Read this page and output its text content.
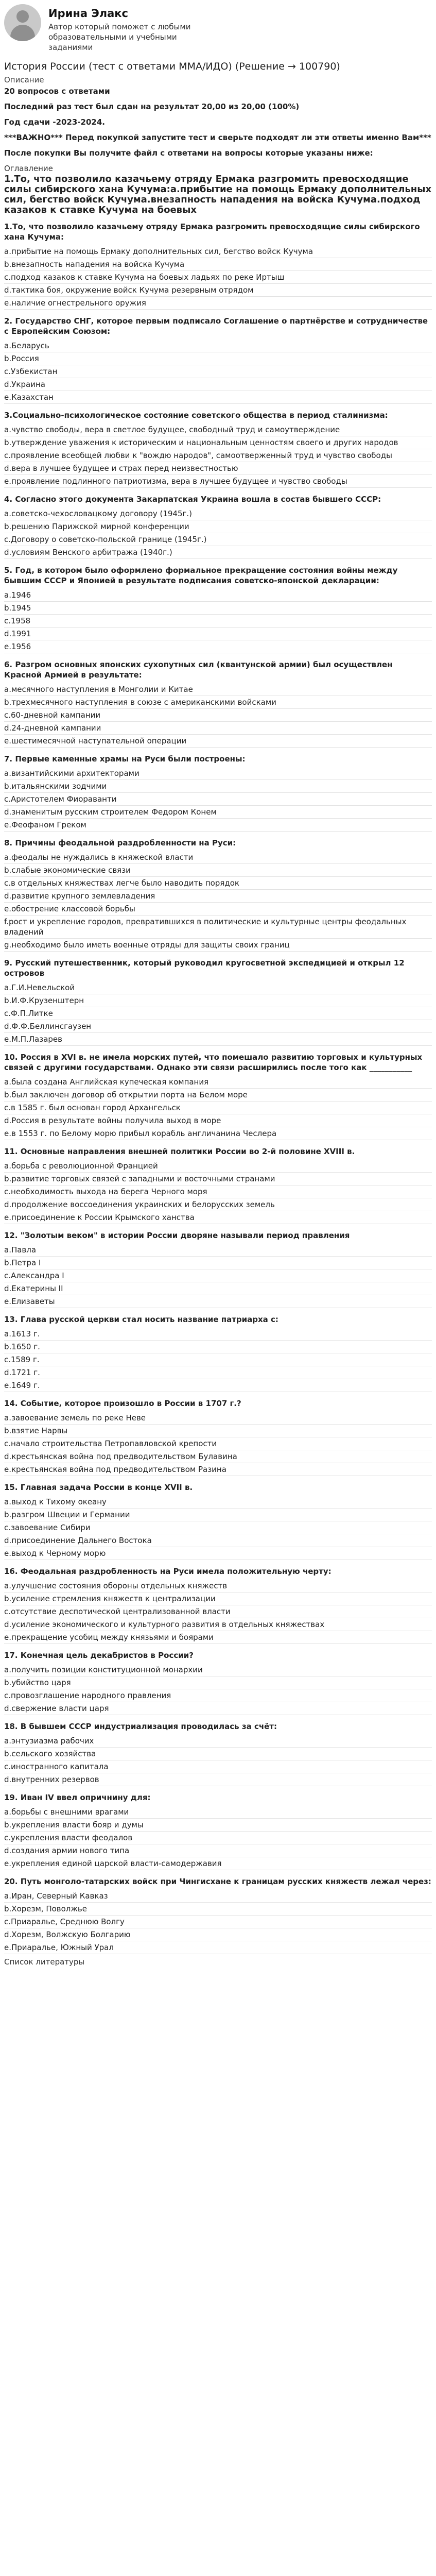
Ирина Элакс
Автор который поможет с любыми образовательными и учебными заданиями
История России (тест с ответами ММА/ИДО) (Решение → 100790)
Описание
20 вопросов с ответами
Последний раз тест был сдан на результат 20,00 из 20,00 (100%)
Год сдачи -2023-2024.
***ВАЖНО*** Перед покупкой запустите тест и сверьте подходят ли эти ответы именно Вам***
После покупки Вы получите файл с ответами на вопросы которые указаны ниже:
Оглавление
1.То, что позволило казачьему отряду Ермака разгромить превосходящие силы сибирского хана Кучума:а.прибытие на помощь Ермаку дополнительных сил, бегство войск Кучума.внезапность нападения на войска Кучума.подход казаков к ставке Кучума на боевых
1.То, что позволило казачьему отряду Ермака разгромить превосходящие силы сибирского хана Кучума:
a.прибытие на помощь Ермаку дополнительных сил, бегство войск Кучума
b.внезапность нападения на войска Кучума
c.подход казаков к ставке Кучума на боевых ладьях по реке Иртыш
d.тактика боя, окружение войск Кучума резервным отрядом
e.наличие огнестрельного оружия
2. Государство СНГ, которое первым подписало Соглашение о партнёрстве и сотрудничестве с Европейским Союзом:
a.Беларусь
b.Россия
c.Узбекистан
d.Украина
e.Казахстан
3.Социально-психологическое состояние советского общества в период сталинизма:
a.чувство свободы, вера в светлое будущее, свободный труд и самоутверждение
b.утверждение уважения к историческим и национальным ценностям своего и других народов
c.проявление всеобщей любви к "вождю народов", самоотверженный труд и чувство свободы
d.вера в лучшее будущее и страх перед неизвестностью
e.проявление подлинного патриотизма, вера в лучшее будущее и чувство свободы
4. Согласно этого документа Закарпатская Украина вошла в состав бывшего СССР:
a.советско-чехословацкому договору (1945г.)
b.решению Парижской мирной конференции
c.Договору о советско-польской границе (1945г.)
d.условиям Венского арбитража (1940г.)
5. Год, в котором было оформлено формальное прекращение состояния войны между бывшим СССР и Японией в результате подписания советско-японской декларации:
a.1946
b.1945
c.1958
d.1991
e.1956
6. Разгром основных японских сухопутных сил (квантунской армии) был осуществлен Красной Армией в результате:
a.месячного наступления в Монголии и Китае
b.трехмесячного наступления в союзе с американскими войсками
c.60-дневной кампании
d.24-дневной кампании
e.шестимесячной наступательной операции
7. Первые каменные храмы на Руси были построены:
a.византийскими архитекторами
b.итальянскими зодчими
c.Аристотелем Фиораванти
d.знаменитым русским строителем Федором Конем
e.Феофаном Греком
8. Причины феодальной раздробленности на Руси:
a.феодалы не нуждались в княжеской власти
b.слабые экономические связи
c.в отдельных княжествах легче было наводить порядок
d.развитие крупного землевладения
e.обострение классовой борьбы
f.рост и укрепление городов, превратившихся в политические и культурные центры феодальных владений
g.необходимо было иметь военные отряды для защиты своих границ
9. Русский путешественник, который руководил кругосветной экспедицией и открыл 12 островов
a.Г.И.Невельской
b.И.Ф.Крузенштерн
c.Ф.П.Литке
d.Ф.Ф.Беллинсгаузен
e.М.П.Лазарев
10. Россия в XVI в. не имела морских путей, что помешало развитию торговых и культурных связей с другими государствами. Однако эти связи расширились после того как ___________
a.была создана Английская купеческая компания
b.был заключен договор об открытии порта на Белом море
c.в 1585 г. был основан город Архангельск
d.Россия в результате войны получила выход в море
e.в 1553 г. по Белому морю прибыл корабль англичанина Чеслера
11. Основные направления внешней политики России во 2-й половине XVIII в.
a.борьба с революционной Францией
b.развитие торговых связей с западными и восточными странами
c.необходимость выхода на берега Черного моря
d.продолжение воссоединения украинских и белорусских земель
e.присоединение к России Крымского ханства
12. "Золотым веком" в истории России дворяне называли период правления
a.Павла
b.Петра I
c.Александра I
d.Екатерины II
e.Елизаветы
13. Глава русской церкви стал носить название патриарха с:
a.1613 г.
b.1650 г.
c.1589 г.
d.1721 г.
e.1649 г.
14. Событие, которое произошло в России в 1707 г.?
a.завоевание земель по реке Неве
b.взятие Нарвы
c.начало строительства Петропавловской крепости
d.крестьянская война под предводительством Булавина
e.крестьянская война под предводительством Разина
15. Главная задача России в конце XVII в.
a.выход к Тихому океану
b.разгром Швеции и Германии
c.завоевание Сибири
d.присоединение Дальнего Востока
e.выход к Черному морю
16. Феодальная раздробленность на Руси имела положительную черту:
a.улучшение состояния обороны отдельных княжеств
b.усиление стремления княжеств к централизации
c.отсутствие деспотической централизованной власти
d.усиление экономического и культурного развития в отдельных княжествах
e.прекращение усобиц между князьями и боярами
17. Конечная цель декабристов в России?
a.получить позиции конституционной монархии
b.убийство царя
c.провозглашение народного правления
d.свержение власти царя
18. В бывшем СССР индустриализация проводилась за счёт:
a.энтузиазма рабочих
b.сельского хозяйства
c.иностранного капитала
d.внутренних резервов
19. Иван IV ввел опричнину для:
a.борьбы с внешними врагами
b.укрепления власти бояр и думы
c.укрепления власти феодалов
d.создания армии нового типа
e.укрепления единой царской власти-самодержавия
20. Путь монголо-татарских войск при Чингисхане к границам русских княжеств лежал через:
a.Иран, Северный Кавказ
b.Хорезм, Поволжье
c.Приаралье, Среднюю Волгу
d.Хорезм, Волжскую Болгарию
e.Приаралье, Южный Урал
Список литературы
